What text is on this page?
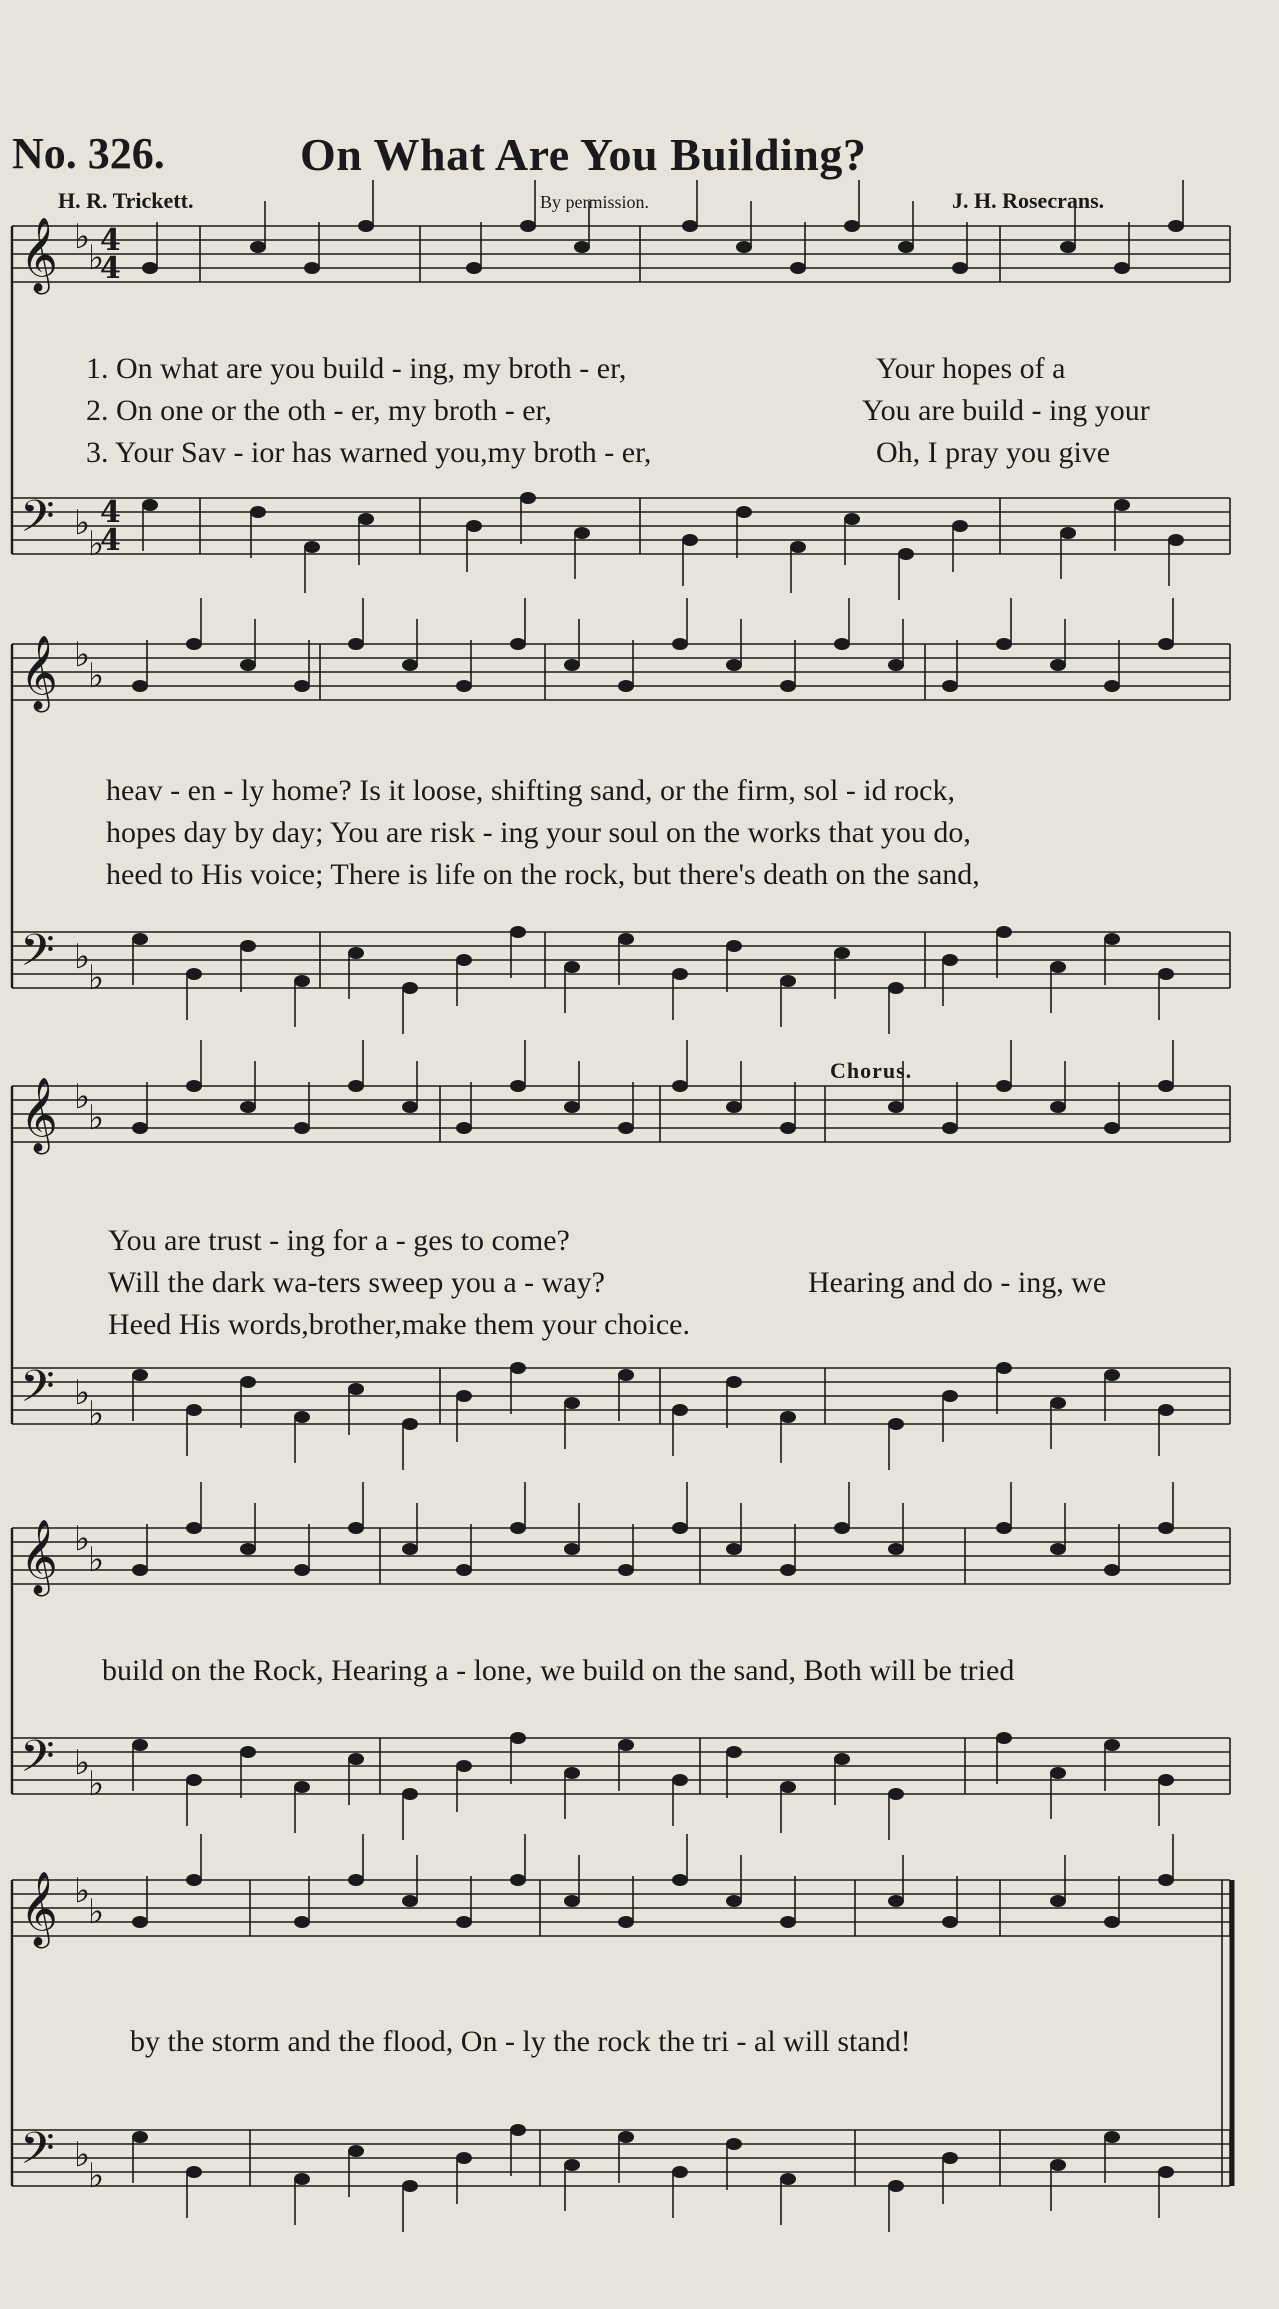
No. 326.	On What Are You Building?
H. R. Trickett.	By permission.	J. H. Rosecrans.
𝄞
𝄢
♭
♭
♭
♭
𝄞
𝄢
♭
♭
♭
♭
𝄞
𝄢
♭
♭
♭
♭
𝄞
𝄢
♭
♭
♭
♭
𝄞
𝄢
♭
♭
♭
♭
4
4
4
4
1. On what are you build - ing, my broth - er,
2. On one or the oth - er, my broth - er,
3. Your Sav - ior has warned you,my broth - er,
Your hopes of a
You are build - ing your
Oh, I pray you give
heav - en - ly home? Is it loose, shifting sand, or the firm, sol - id rock,
hopes day by day; You are risk - ing your soul on the works that you do,
heed to His voice; There is life on the rock, but there's death on the sand,
Chorus.
You are trust - ing for a - ges to come?
Will the dark wa-ters sweep you a - way?
Heed His words,brother,make them your choice.
Hearing and do - ing, we
build on the Rock, Hearing a - lone, we build on the sand, Both will be tried
by the storm and the flood, On - ly the rock the tri - al will stand!
